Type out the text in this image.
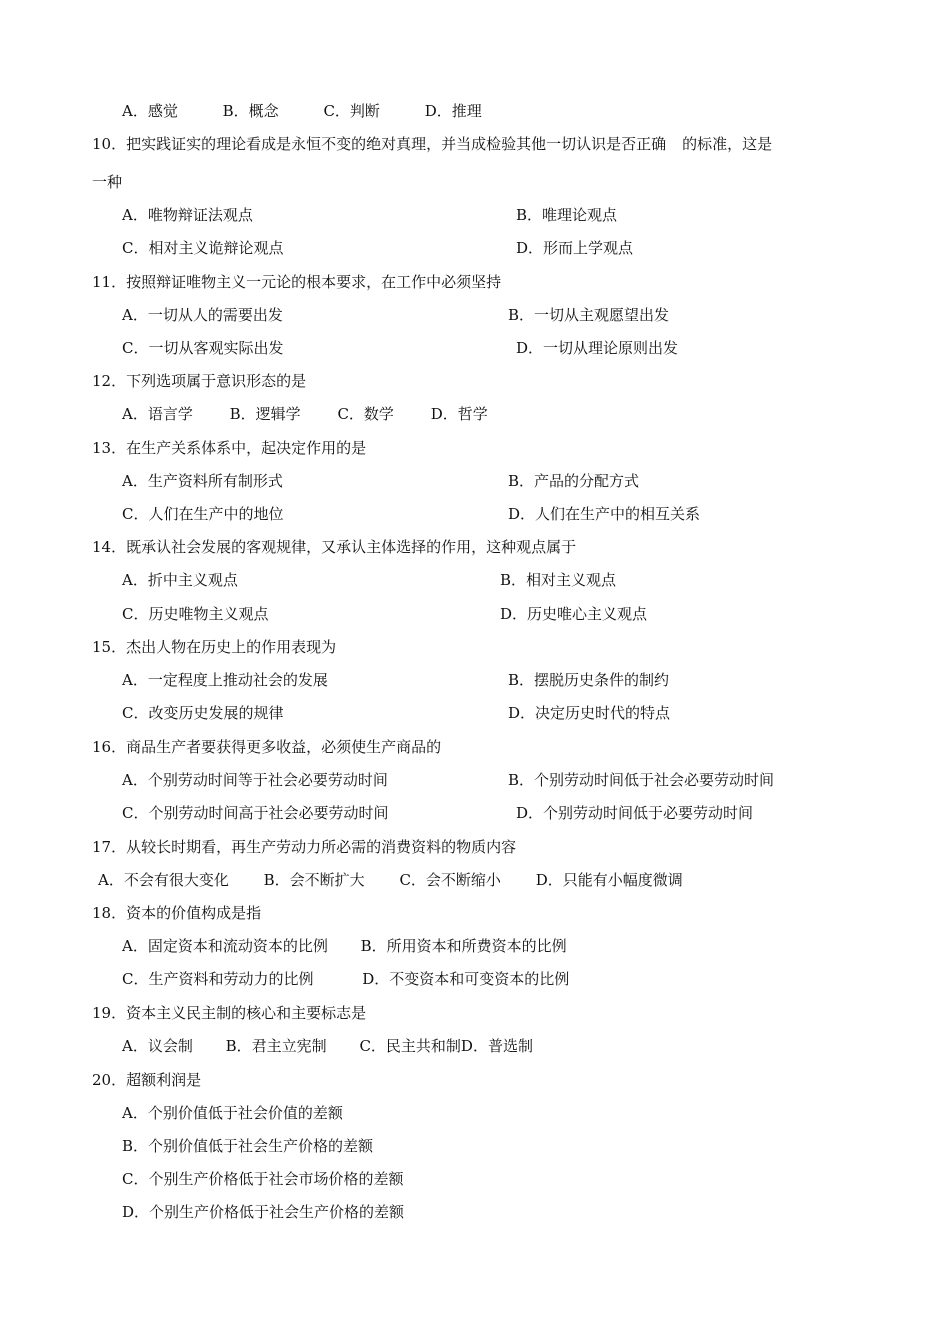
A．感觉	B．概念	C．判断	D．推理
10．把实践证实的理论看成是永恒不变的绝对真理，并当成检验其他一切认识是否正确 的标准，这是
一种
A．唯物辩证法观点	B．唯理论观点
C．相对主义诡辩论观点	D．形而上学观点
11．按照辩证唯物主义一元论的根本要求，在工作中必须坚持
A．一切从人的需要出发	B．一切从主观愿望出发
C．一切从客观实际出发	D．一切从理论原则出发
12．下列选项属于意识形态的是
A．语言学 B．逻辑学 C．数学 D．哲学
13．在生产关系体系中，起决定作用的是
A．生产资料所有制形式	B．产品的分配方式
C．人们在生产中的地位	D．人们在生产中的相互关系
14．既承认社会发展的客观规律，又承认主体选择的作用，这种观点属于
A．折中主义观点	B．相对主义观点
C．历史唯物主义观点	D．历史唯心主义观点
15．杰出人物在历史上的作用表现为
A．一定程度上推动社会的发展	B．摆脱历史条件的制约
C．改变历史发展的规律	D．决定历史时代的特点
16．商品生产者要获得更多收益，必须使生产商品的
A．个别劳动时间等于社会必要劳动时间	B．个别劳动时间低于社会必要劳动时间
C．个别劳动时间高于社会必要劳动时间	D．个别劳动时间低于必要劳动时间
17．从较长时期看，再生产劳动力所必需的消费资料的物质内容
A．不会有很大变化 B．会不断扩大 C．会不断缩小 D．只能有小幅度微调
18．资本的价值构成是指
A．固定资本和流动资本的比例 B．所用资本和所费资本的比例
C．生产资料和劳动力的比例	D．不变资本和可变资本的比例
19．资本主义民主制的核心和主要标志是
A．议会制 B．君主立宪制 C．民主共和制D．普选制
20．超额利润是
A．个别价值低于社会价值的差额
B．个别价值低于社会生产价格的差额
C．个别生产价格低于社会市场价格的差额
D．个别生产价格低于社会生产价格的差额
